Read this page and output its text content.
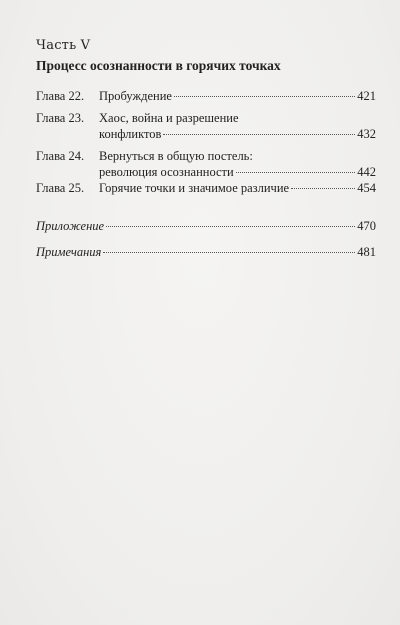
Часть V
Процесс осознанности в горячих точках
Глава 22.	Пробуждение	421
Глава 23.	Хаос, война и разрешение
конфликтов	432
Глава 24.	Вернуться в общую постель:
революция осознанности	442
Глава 25.	Горячие точки и значимое различие	454
Приложение	470
Примечания	481
